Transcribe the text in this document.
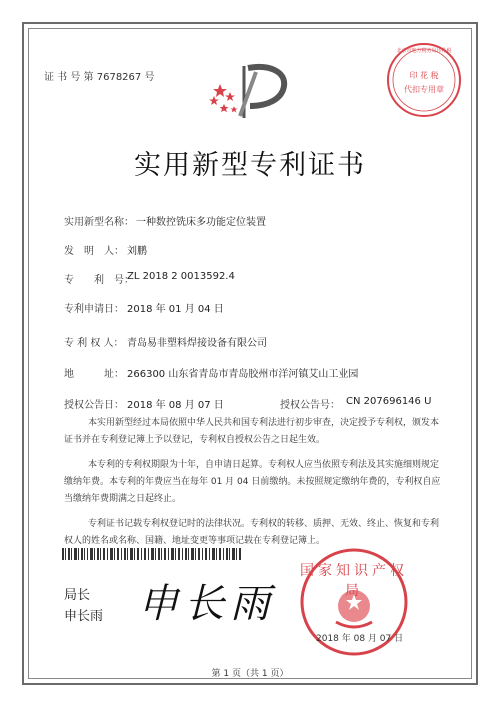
证 书 号 第 7678267 号
北京市地方税务局印花税
印 花 税
代扣专用章
实用新型专利证书
实用新型名称： 一种数控铣床多功能定位装置
发　明　人： 刘鹏
专　　利　号：
ZL 2018 2 0013592.4
专利申请日： 2018 年 01 月 04 日
专 利 权 人： 青岛易非塑料焊接设备有限公司
地　　　址： 266300 山东省青岛市青岛胶州市洋河镇艾山工业园
授权公告日： 2018 年 08 月 07 日	授权公告号： CN 207696146 U

本实用新型经过本局依照中华人民共和国专利法进行初步审查，决定授予专利权，颁发本证书并在专利登记簿上予以登记，专利权自授权公告之日起生效。

本专利的专利权期限为十年，自申请日起算。专利权人应当依照专利法及其实施细则规定缴纳年费。本专利的年费应当在每年 01 月 04 日前缴纳。未按照规定缴纳年费的，专利权自应当缴纳年费期满之日起终止。

专利证书记载专利权登记时的法律状况。专利权的转移、质押、无效、终止、恢复和专利权人的姓名或名称、国籍、地址变更等事项记载在专利登记簿上。

局长
申长雨 申长雨
国家知识产权局
2018 年 08 月 07 日
第 1 页（共 1 页）
